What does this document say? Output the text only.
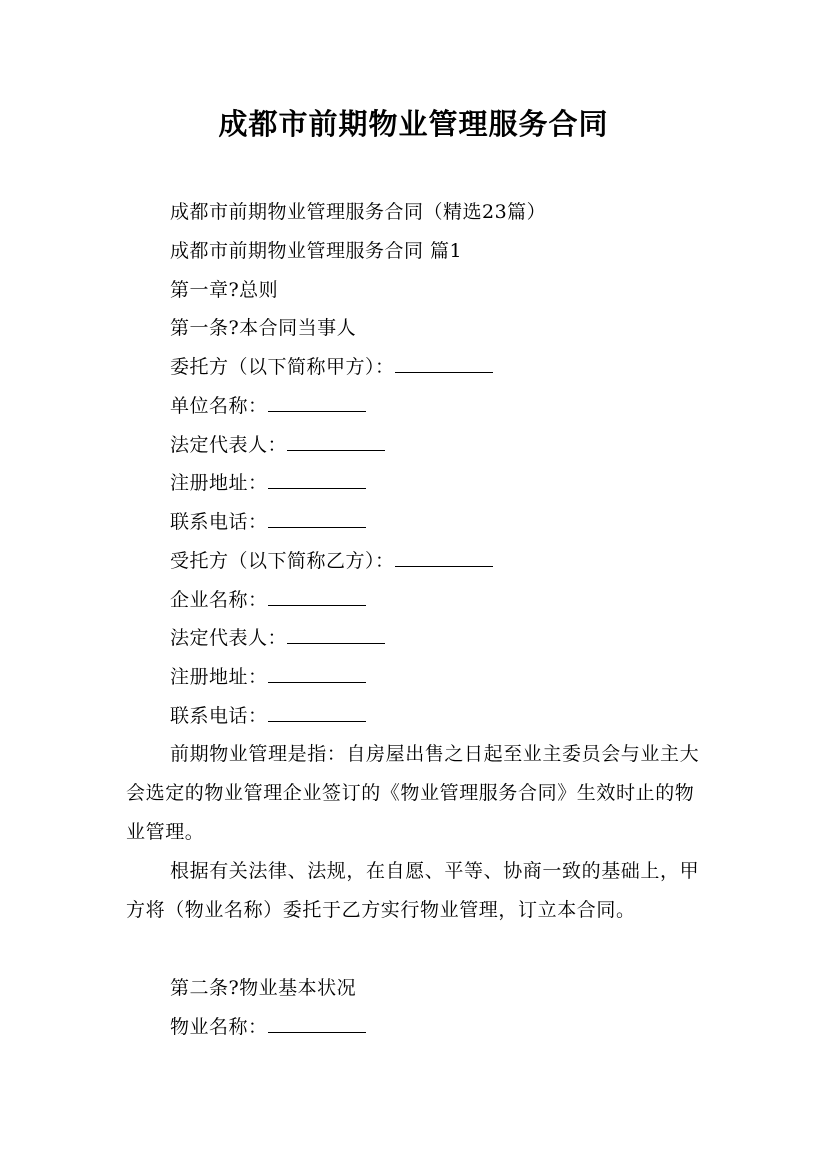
成都市前期物业管理服务合同
成都市前期物业管理服务合同（精选23篇）
成都市前期物业管理服务合同 篇1
第一章?总则
第一条?本合同当事人
委托方（以下简称甲方）：
单位名称：
法定代表人：
注册地址：
联系电话：
受托方（以下简称乙方）：
企业名称：
法定代表人：
注册地址：
联系电话：
前期物业管理是指：自房屋出售之日起至业主委员会与业主大会选定的物业管理企业签订的《物业管理服务合同》生效时止的物业管理。
根据有关法律、法规，在自愿、平等、协商一致的基础上，甲方将（物业名称）委托于乙方实行物业管理，订立本合同。
第二条?物业基本状况
物业名称：
